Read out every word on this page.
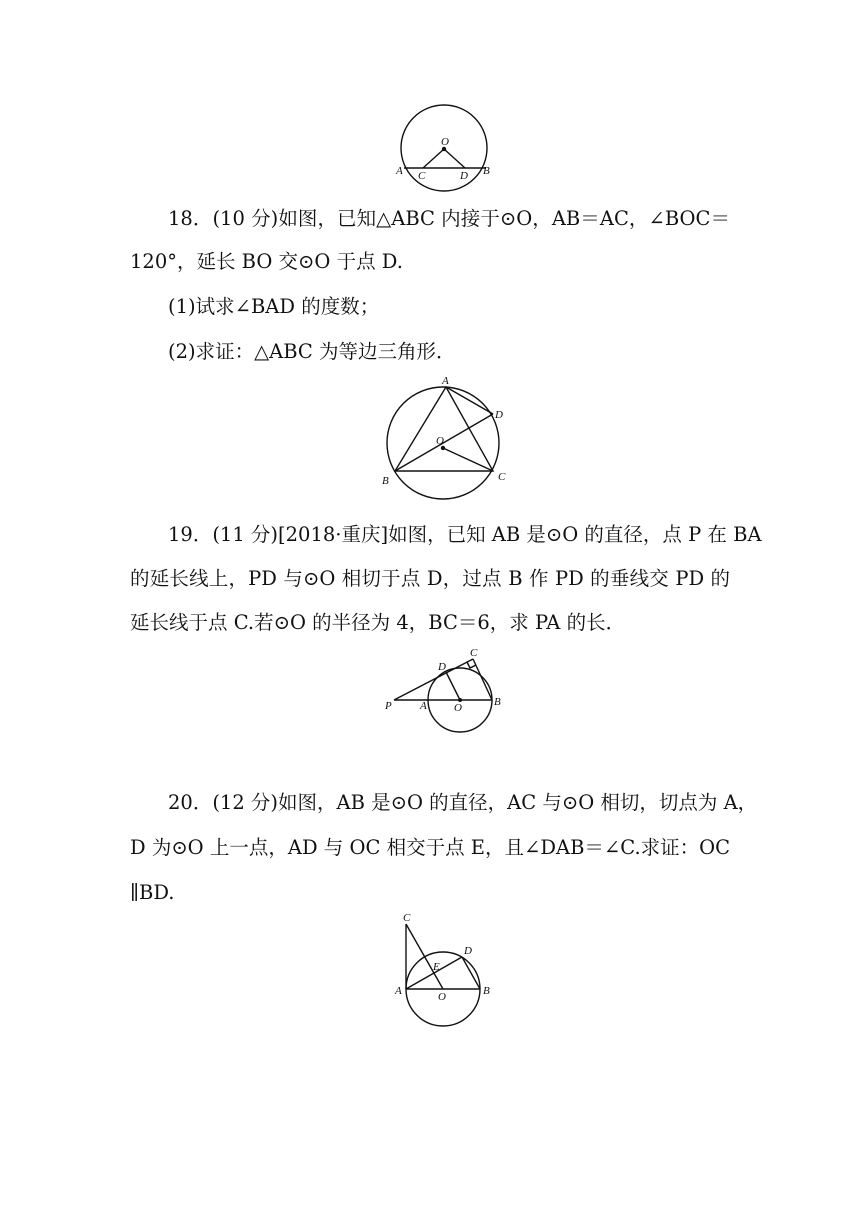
O
A C	D B
18．(10 分)如图，已知△ABC 内接于⊙O，AB＝AC，∠BOC＝
120°，延长 BO 交⊙O 于点 D.
(1)试求∠BAD 的度数；
(2)求证：△ABC 为等边三角形．
A
D
O
B	C
19．(11 分)[2018·重庆]如图，已知 AB 是⊙O 的直径，点 P 在 BA
的延长线上，PD 与⊙O 相切于点 D，过点 B 作 PD 的垂线交 PD 的
延长线于点 C.若⊙O 的半径为 4，BC＝6，求 PA 的长．
C
D
P	A O	B
20．(12 分)如图，AB 是⊙O 的直径，AC 与⊙O 相切，切点为 A，
D 为⊙O 上一点，AD 与 OC 相交于点 E，且∠DAB＝∠C.求证：OC
∥BD.
C
D
E
A	O	B
